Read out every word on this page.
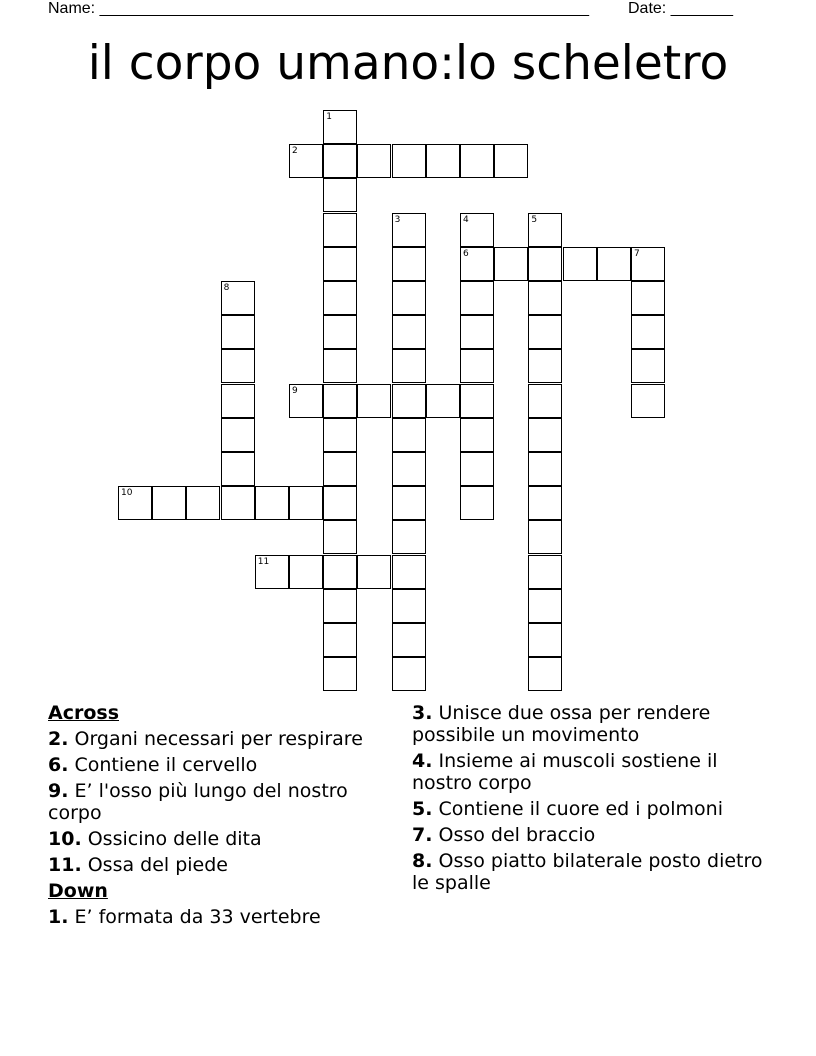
Name: _______________________________________________________ Date: _______
il corpo umano:lo scheletro
1
2
3	4
6
5
7
8
9
10
11
Across
2. Organi necessari per respirare
6. Contiene il cervello
9. E’ l'osso più lungo del nostro corpo
10. Ossicino delle dita
11. Ossa del piede
Down
1. E’ formata da 33 vertebre
3. Unisce due ossa per rendere possibile un movimento
4. Insieme ai muscoli sostiene il nostro corpo
5. Contiene il cuore ed i polmoni
7. Osso del braccio
8. Osso piatto bilaterale posto dietro le spalle
